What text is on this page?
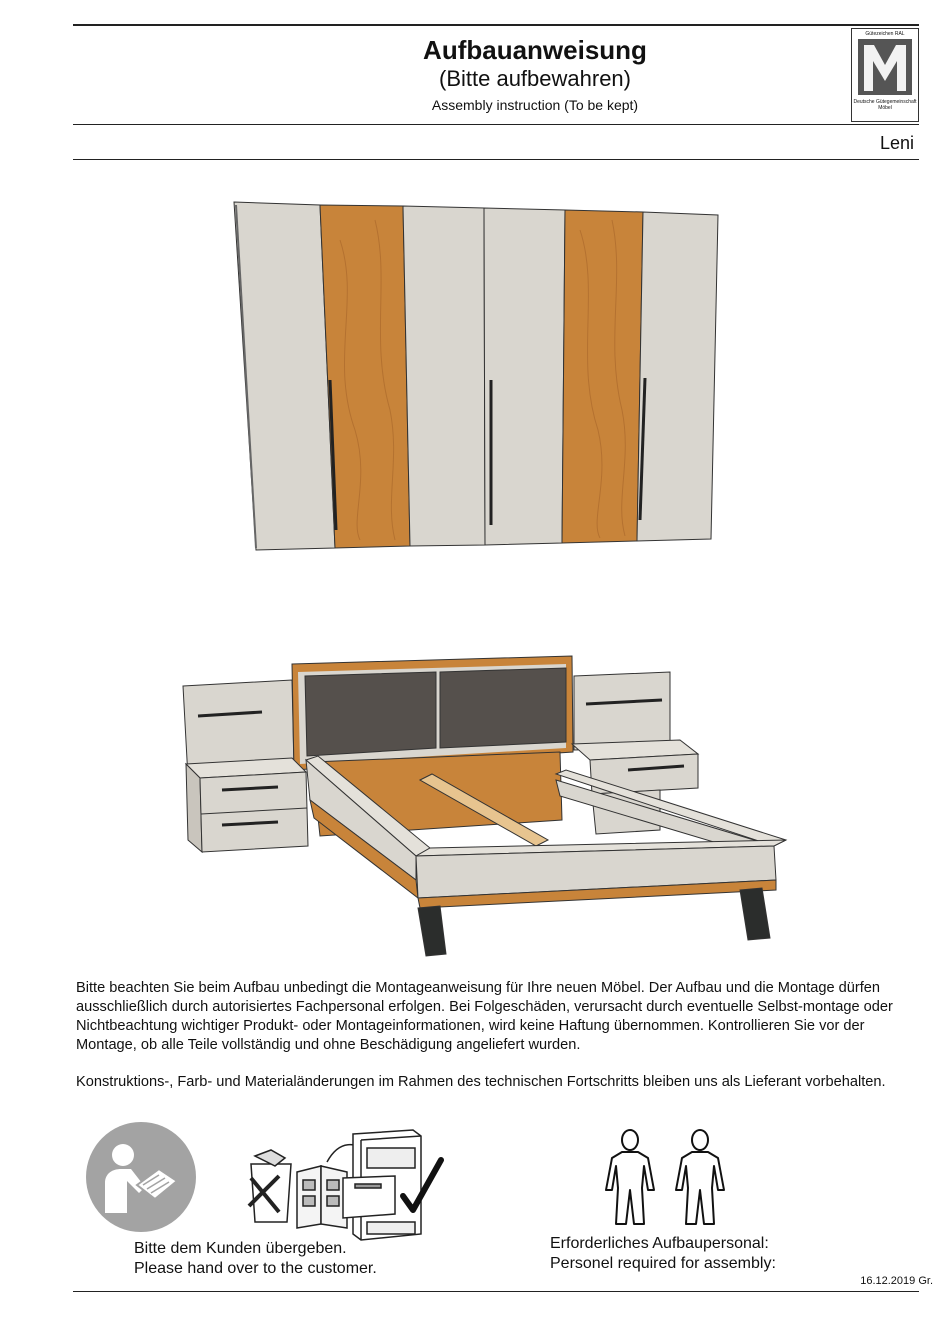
Aufbauanweisung
(Bitte aufbewahren)
Assembly instruction (To be kept)
Leni
Gütezeichen RAL
Deutsche Gütegemeinschaft Möbel
Bitte beachten Sie beim Aufbau unbedingt die Montageanweisung für Ihre neuen Möbel. Der Aufbau und die Montage dürfen ausschließlich durch autorisiertes Fachpersonal erfolgen. Bei Folgeschäden, verursacht durch eventuelle Selbst-montage oder Nichtbeachtung wichtiger Produkt- oder Montageinformationen, wird keine Haftung übernommen. Kontrollieren Sie vor der Montage, ob alle Teile vollständig und ohne Beschädigung angeliefert wurden.
Konstruktions-, Farb- und Materialänderungen im Rahmen des technischen Fortschritts bleiben uns als Lieferant vorbehalten.
Bitte dem Kunden übergeben.
Please hand over to the customer.
Erforderliches Aufbaupersonal:
Personel required for assembly:
16.12.2019 Gr.
